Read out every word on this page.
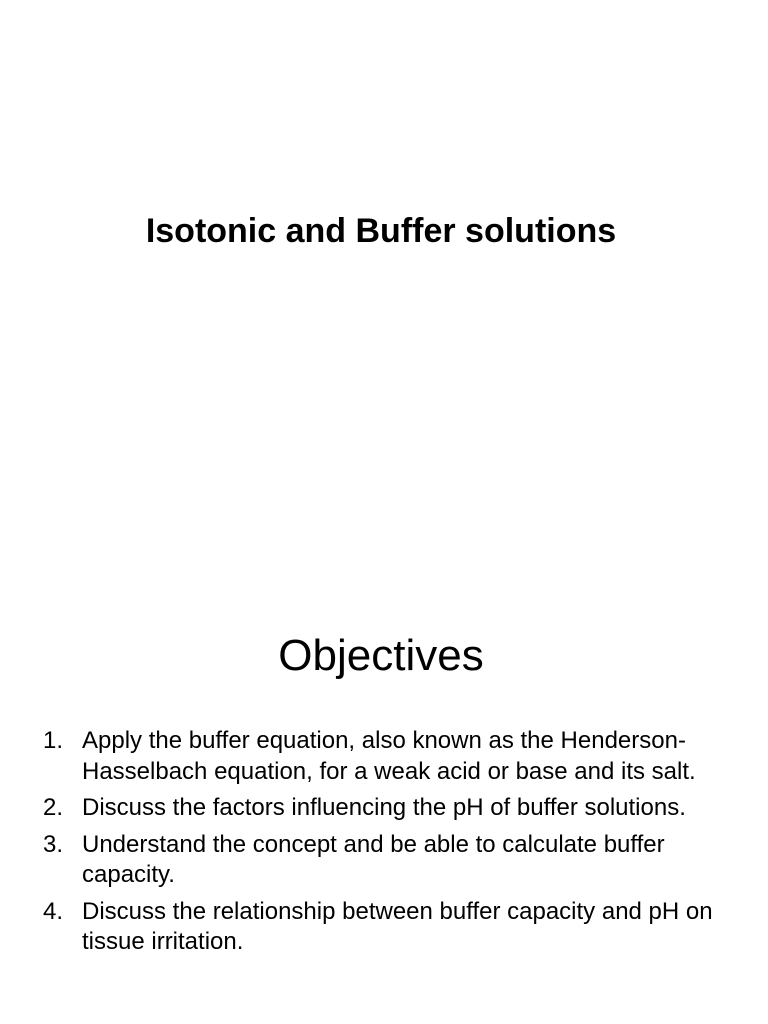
Isotonic and Buffer solutions
Objectives
1. Apply the buffer equation, also known as the Henderson-Hasselbach equation, for a weak acid or base and its salt.
2. Discuss the factors influencing the pH of buffer solutions.
3. Understand the concept and be able to calculate buffer capacity.
4. Discuss the relationship between buffer capacity and pH on tissue irritation.
